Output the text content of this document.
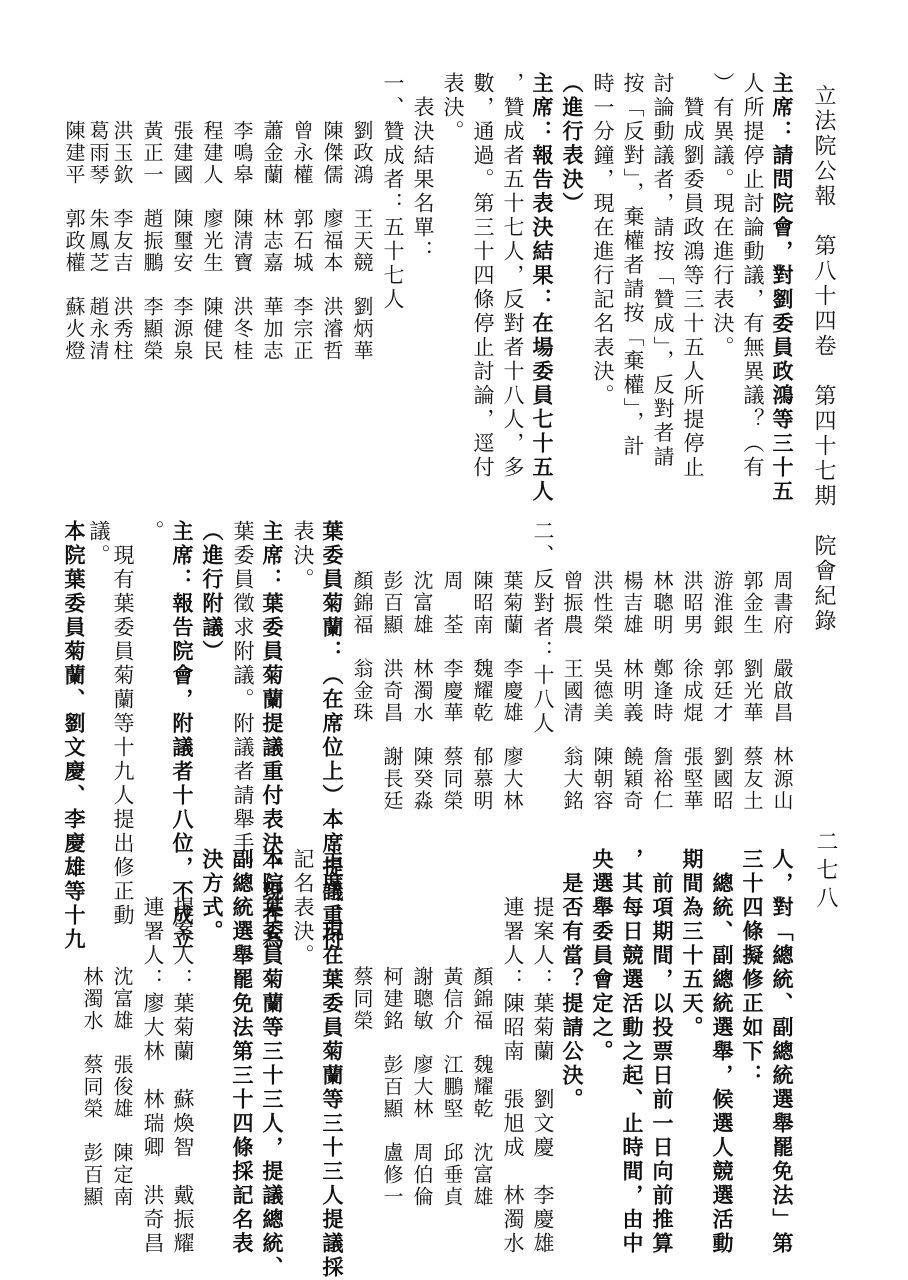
立法院公報　第八十四卷　第四十七期　院會紀錄
二七八
主席：請問院會，對劉委員政鴻等三十五
人所提停止討論動議，有無異議？（有
）有異議。現在進行表決。
贊成劉委員政鴻等三十五人所提停止
討論動議者，請按「贊成」，反對者請
按「反對」，棄權者請按「棄權」，計
時一分鐘，現在進行記名表決。
（進行表決）
主席：報告表決結果：在場委員七十五人
，贊成者五十七人，反對者十八人，多
數，通過。第三十四條停止討論，逕付
表決。
表決結果名單：
一、贊成者：五十七人
劉政鴻王天競劉炳華
陳傑儒廖福本洪濬哲
曾永權郭石城李宗正
蕭金蘭林志嘉華加志
李鳴皋陳清寶洪冬桂
程建人廖光生陳健民
張建國陳璽安李源泉
黃正一趙振鵬李顯榮
洪玉欽李友吉洪秀柱
葛雨琴朱鳳芝趙永清
陳建平郭政權蘇火燈
周書府嚴啟昌林源山
郭金生劉光華蔡友土
游淮銀郭廷才劉國昭
洪昭男徐成焜張堅華
林聰明鄭逢時詹裕仁
楊吉雄林明義饒穎奇
洪性榮吳德美陳朝容
曾振農王國清翁大銘
二、反對者：十八人
葉菊蘭李慶雄廖大林
陳昭南魏耀乾郁慕明
周　荃李慶華蔡同榮
沈富雄林濁水陳癸淼
彭百顯洪奇昌謝長廷
顏錦福翁金珠
葉委員菊蘭：（在席位上）本席提議重付
表決。
主席：葉委員菊蘭提議重付表決，現在為
葉委員徵求附議。附議者請舉手。
（進行附議）
主席：報告院會，附議者十八位，不成立
。
現有葉委員菊蘭等十九人提出修正動
議。
本院葉委員菊蘭、劉文慶、李慶雄等十九
人，對「總統、副總統選舉罷免法」第
三十四條擬修正如下：
總統、副總統選舉，候選人競選活動
期間為三十五天。
前項期間，以投票日前一日向前推算
，其每日競選活動之起、止時間，由中
央選舉委員會定之。
是否有當？提請公決。
提案人：葉菊蘭　劉文慶　李慶雄
連署人：陳昭南　張旭成　林濁水
顏錦福魏耀乾沈富雄
黃信介江鵬堅邱垂貞
謝聰敏廖大林周伯倫
柯建銘彭百顯盧修一
蔡同榮
主席：現在葉委員菊蘭等三十三人提議採
記名表決。
本院葉委員菊蘭等三十三人，提議總統、
副總統選舉罷免法第三十四條採記名表
決方式。
提案人：葉菊蘭　蘇煥智　戴振耀
連署人：廖大林　林瑞卿　洪奇昌
沈富雄張俊雄陳定南
林濁水蔡同榮彭百顯
